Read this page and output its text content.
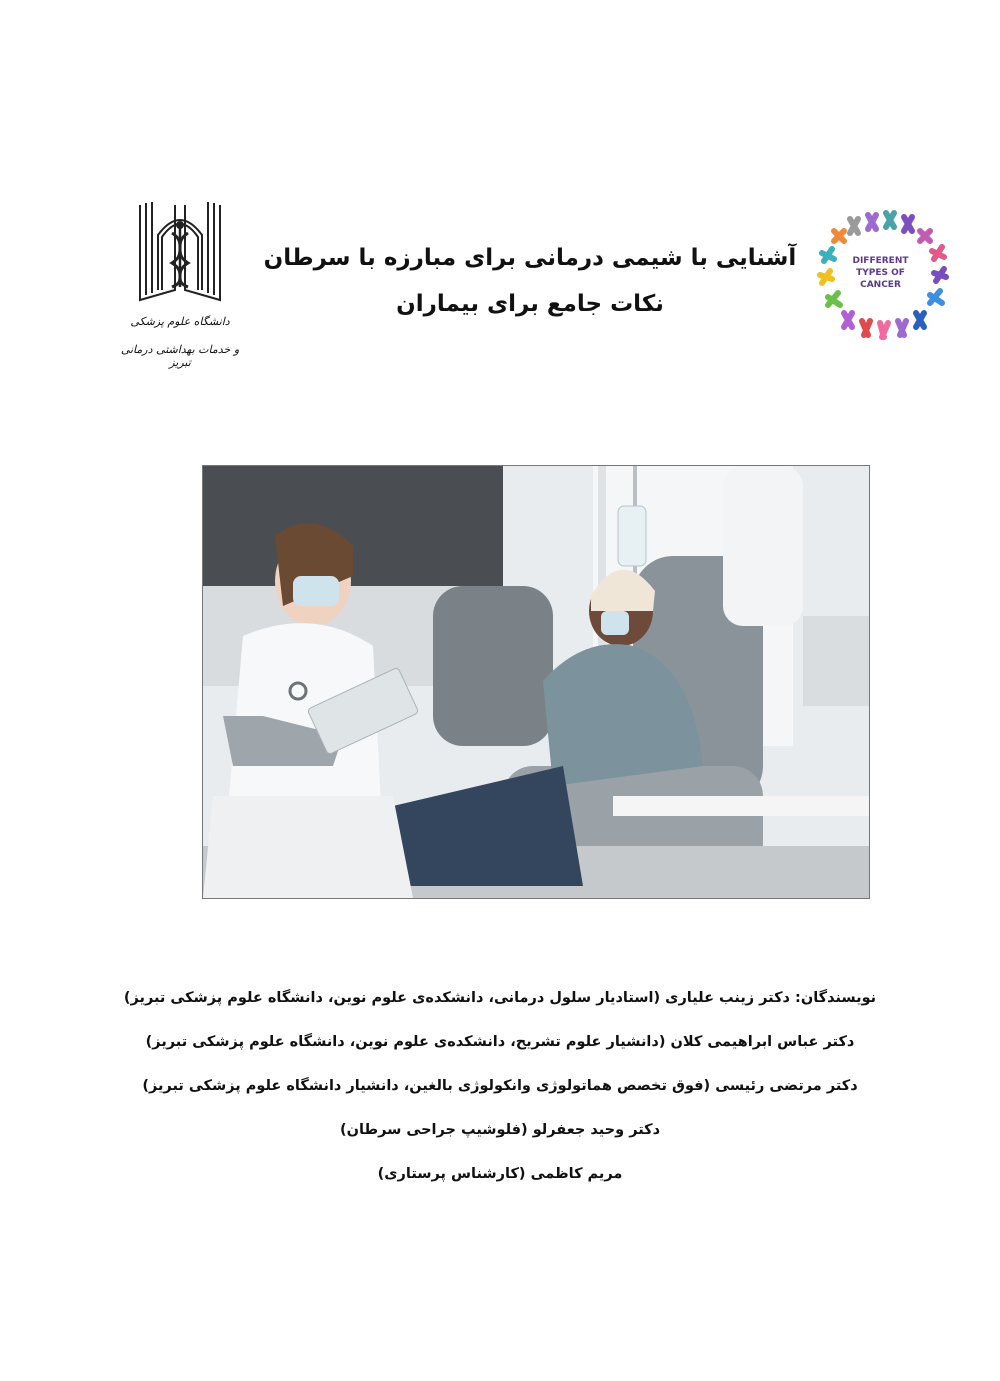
دانشگاه علوم پزشکی
و خدمات بهداشتی درمانی تبریز
آشنایی با شیمی درمانی برای مبارزه با سرطان
نکات جامع برای بیماران
DIFFERENT
TYPES OF
CANCER
نویسندگان: دکتر زینب علیاری (استادیار سلول درمانی، دانشکده‌ی علوم نوین، دانشگاه علوم پزشکی تبریز)
دکتر عباس ابراهیمی کلان (دانشیار علوم تشریح، دانشکده‌ی علوم نوین، دانشگاه علوم پزشکی تبریز)
دکتر مرتضی رئیسی (فوق تخصص هماتولوژی وانکولوژی بالغین، دانشیار دانشگاه علوم پزشکی تبریز)
دکتر وحید جعفرلو (فلوشیپ جراحی سرطان)
مریم کاظمی (کارشناس پرستاری)
